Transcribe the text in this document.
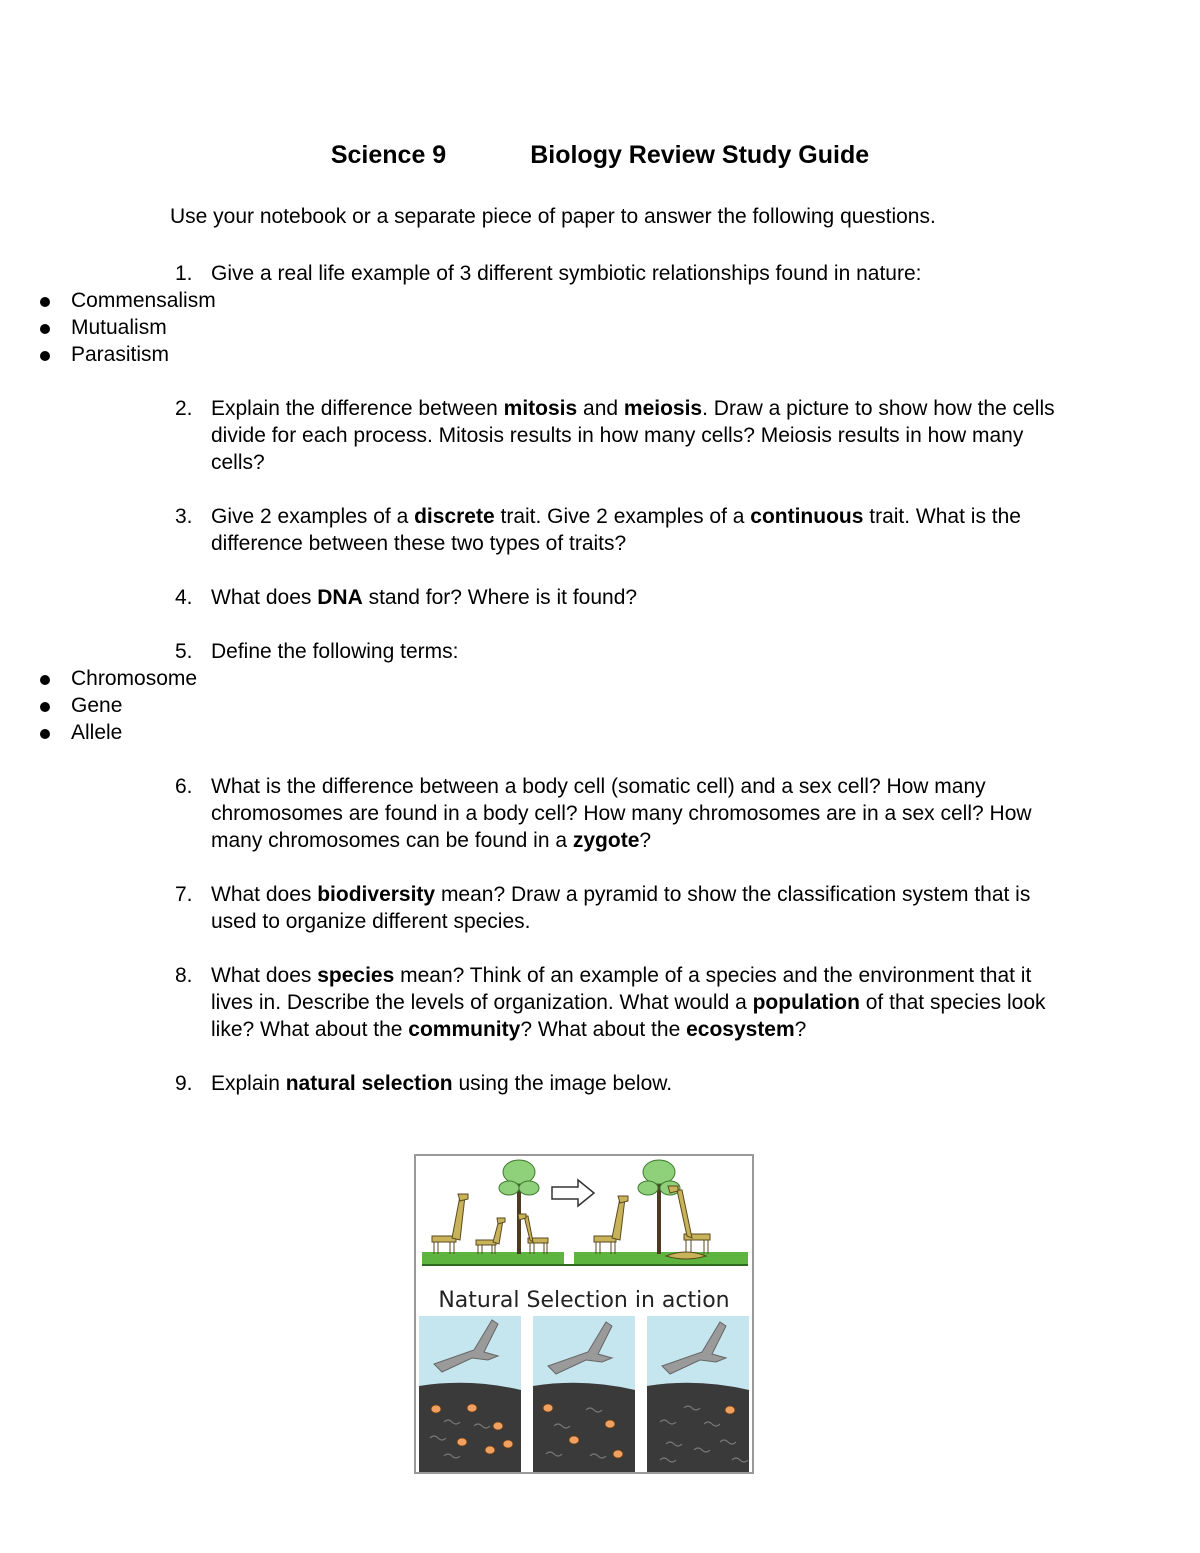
Science 9	Biology Review Study Guide
Use your notebook or a separate piece of paper to answer the following questions.
1. Give a real life example of 3 different symbiotic relationships found in nature:
Commensalism
Mutualism
Parasitism
2. Explain the difference between mitosis and meiosis. Draw a picture to show how the cells divide for each process. Mitosis results in how many cells? Meiosis results in how many cells?
3. Give 2 examples of a discrete trait. Give 2 examples of a continuous trait. What is the difference between these two types of traits?
4. What does DNA stand for? Where is it found?
5. Define the following terms:
Chromosome
Gene
Allele
6. What is the difference between a body cell (somatic cell) and a sex cell? How many chromosomes are found in a body cell? How many chromosomes are in a sex cell? How many chromosomes can be found in a zygote?
7. What does biodiversity mean? Draw a pyramid to show the classification system that is used to organize different species.
8. What does species mean? Think of an example of a species and the environment that it lives in. Describe the levels of organization. What would a population of that species look like? What about the community? What about the ecosystem?
9. Explain natural selection using the image below.
Natural Selection in action
